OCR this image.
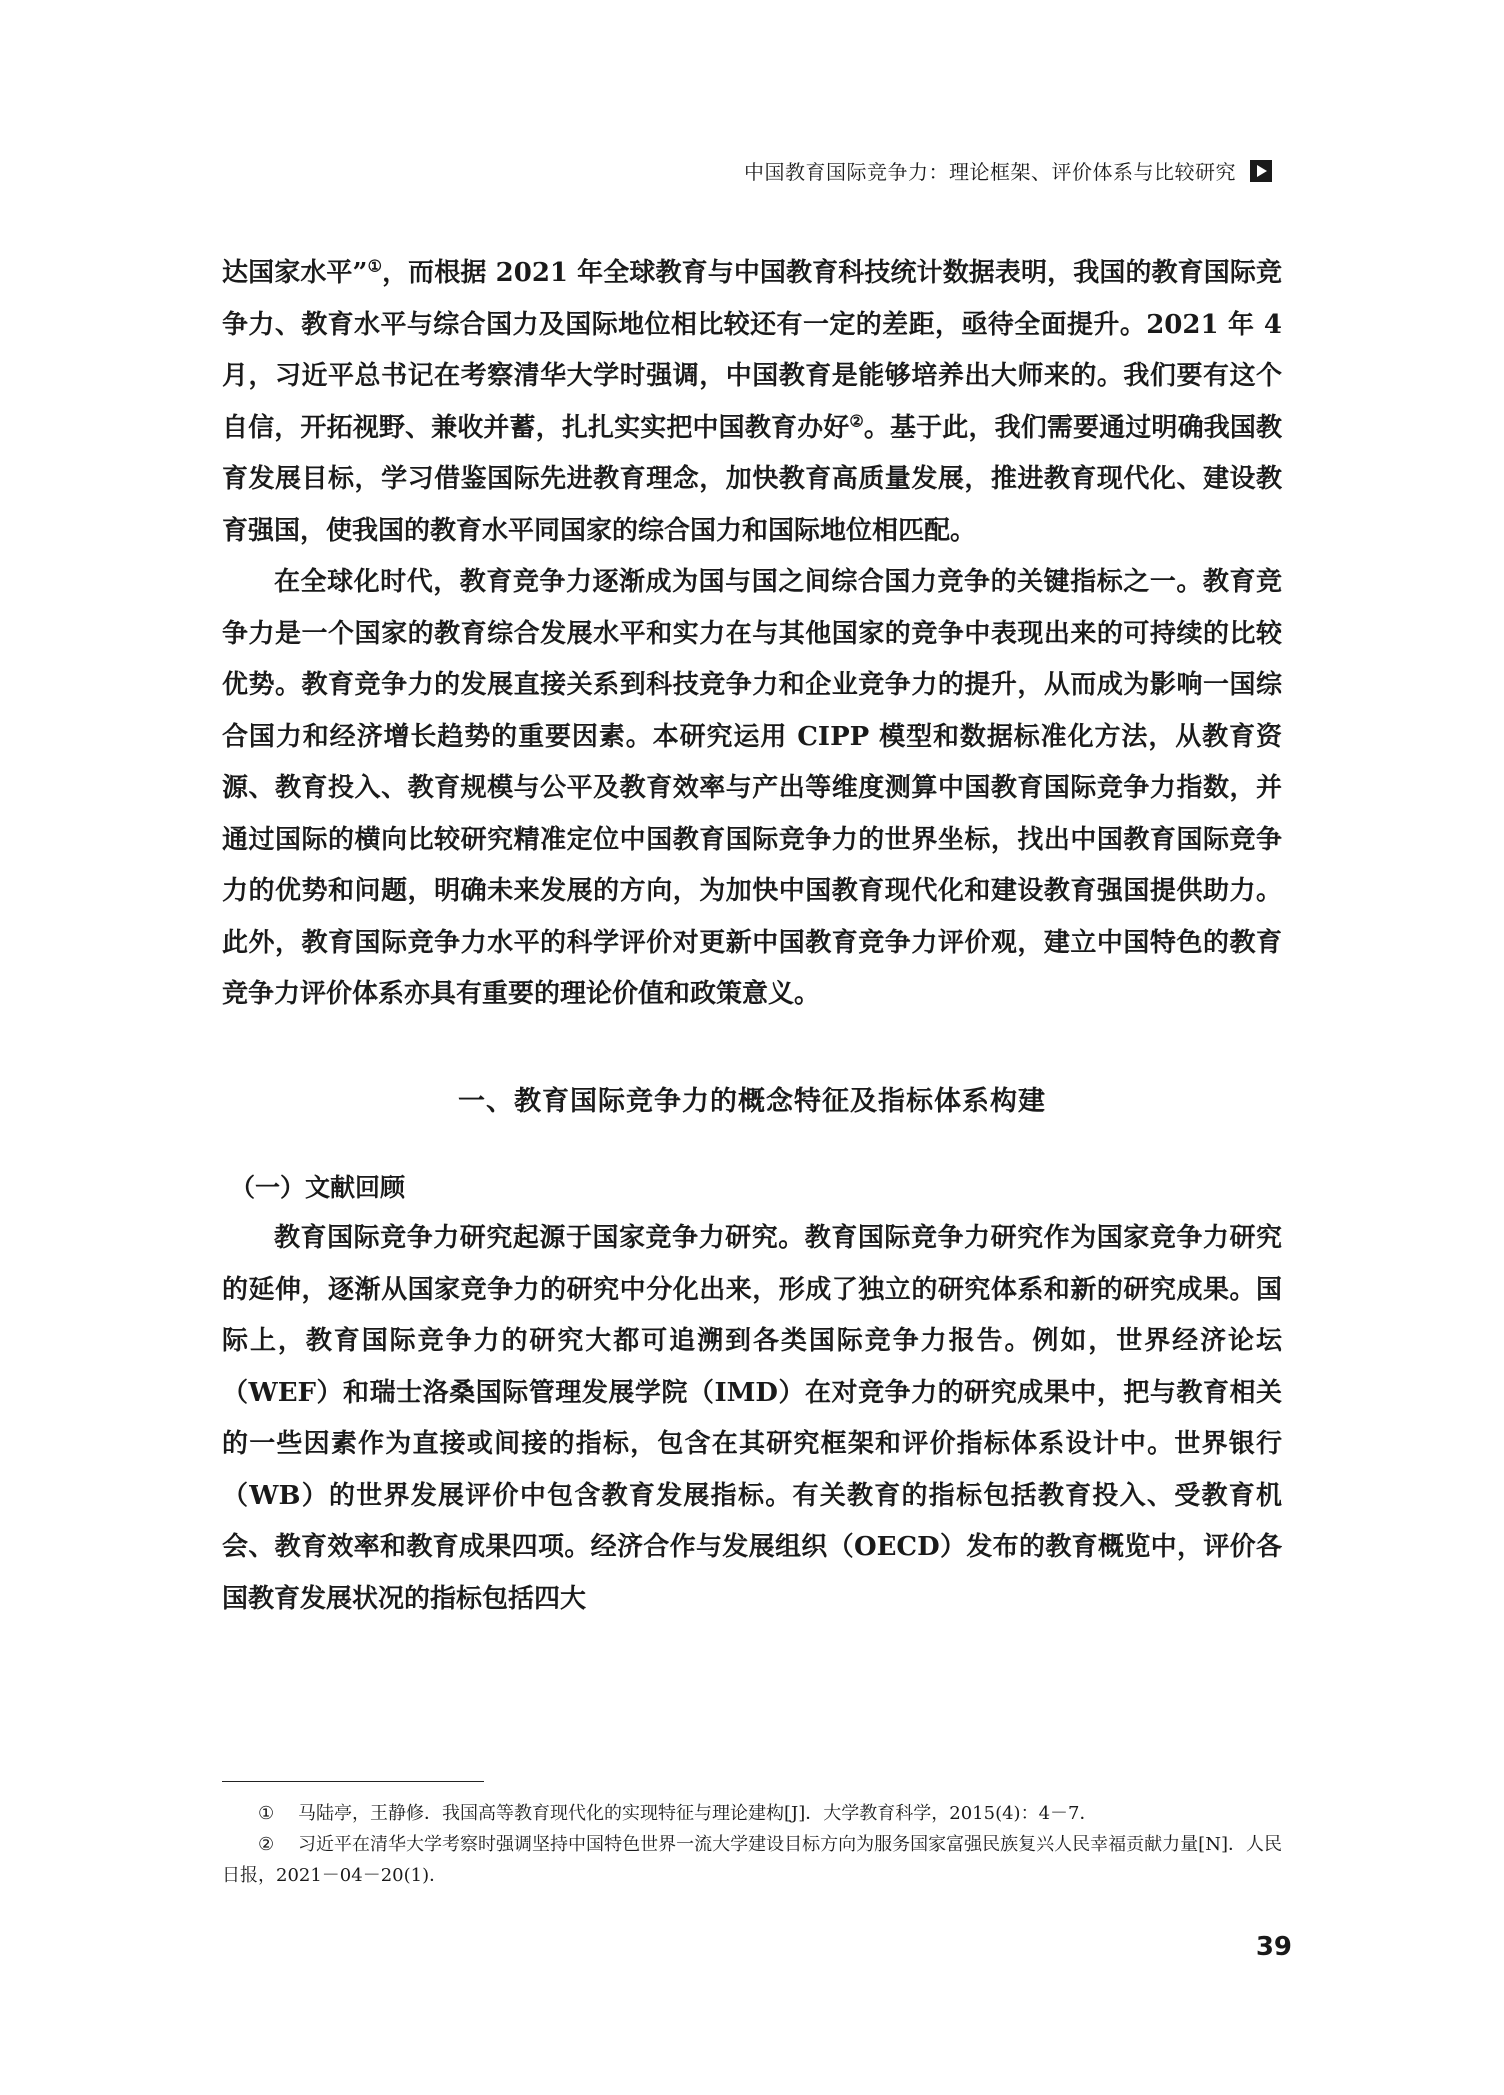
中国教育国际竞争力：理论框架、评价体系与比较研究

达国家水平”①，而根据 2021 年全球教育与中国教育科技统计数据表明，我国的教育国际竞争力、教育水平与综合国力及国际地位相比较还有一定的差距，亟待全面提升。2021 年 4 月，习近平总书记在考察清华大学时强调，中国教育是能够培养出大师来的。我们要有这个自信，开拓视野、兼收并蓄，扎扎实实把中国教育办好②。基于此，我们需要通过明确我国教育发展目标，学习借鉴国际先进教育理念，加快教育高质量发展，推进教育现代化、建设教育强国，使我国的教育水平同国家的综合国力和国际地位相匹配。

在全球化时代，教育竞争力逐渐成为国与国之间综合国力竞争的关键指标之一。教育竞争力是一个国家的教育综合发展水平和实力在与其他国家的竞争中表现出来的可持续的比较优势。教育竞争力的发展直接关系到科技竞争力和企业竞争力的提升，从而成为影响一国综合国力和经济增长趋势的重要因素。本研究运用 CIPP 模型和数据标准化方法，从教育资源、教育投入、教育规模与公平及教育效率与产出等维度测算中国教育国际竞争力指数，并通过国际的横向比较研究精准定位中国教育国际竞争力的世界坐标，找出中国教育国际竞争力的优势和问题，明确未来发展的方向，为加快中国教育现代化和建设教育强国提供助力。此外，教育国际竞争力水平的科学评价对更新中国教育竞争力评价观，建立中国特色的教育竞争力评价体系亦具有重要的理论价值和政策意义。

一、教育国际竞争力的概念特征及指标体系构建
（一）文献回顾

教育国际竞争力研究起源于国家竞争力研究。教育国际竞争力研究作为国家竞争力研究的延伸，逐渐从国家竞争力的研究中分化出来，形成了独立的研究体系和新的研究成果。国际上，教育国际竞争力的研究大都可追溯到各类国际竞争力报告。例如，世界经济论坛（WEF）和瑞士洛桑国际管理发展学院（IMD）在对竞争力的研究成果中，把与教育相关的一些因素作为直接或间接的指标，包含在其研究框架和评价指标体系设计中。世界银行（WB）的世界发展评价中包含教育发展指标。有关教育的指标包括教育投入、受教育机会、教育效率和教育成果四项。经济合作与发展组织（OECD）发布的教育概览中，评价各国教育发展状况的指标包括四大

① 马陆亭，王静修．我国高等教育现代化的实现特征与理论建构[J]．大学教育科学，2015(4)：4－7．

② 习近平在清华大学考察时强调坚持中国特色世界一流大学建设目标方向为服务国家富强民族复兴人民幸福贡献力量[N]．人民日报，2021－04－20(1)．

39
